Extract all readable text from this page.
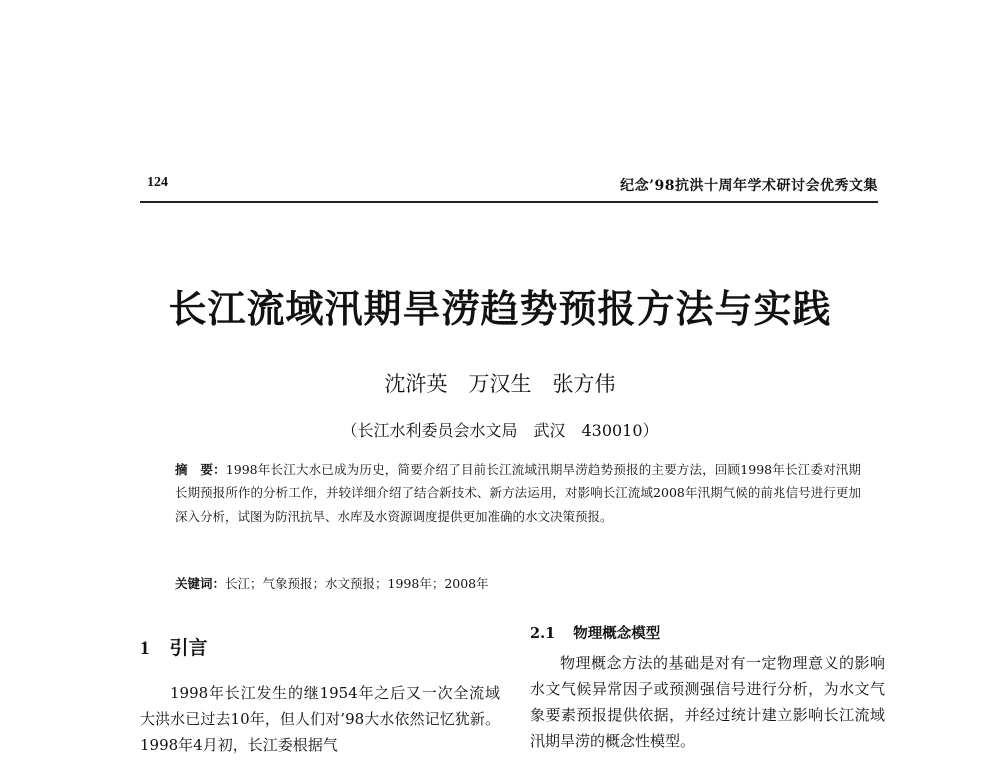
124	纪念’98抗洪十周年学术研讨会优秀文集
长江流域汛期旱涝趋势预报方法与实践
沈浒英　万汉生　张方伟
（长江水利委员会水文局　武汉　430010）
摘　要：1998年长江大水已成为历史，简要介绍了目前长江流域汛期旱涝趋势预报的主要方法，回顾1998年长江委对汛期长期预报所作的分析工作，并较详细介绍了结合新技术、新方法运用，对影响长江流域2008年汛期气候的前兆信号进行更加深入分析，试图为防汛抗旱、水库及水资源调度提供更加准确的水文决策预报。
关键词：长江；气象预报；水文预报；1998年；2008年
1 引言
1998年长江发生的继1954年之后又一次全流域大洪水已过去10年，但人们对’98大水依然记忆犹新。1998年4月初，长江委根据气
2.1 物理概念模型
物理概念方法的基础是对有一定物理意义的影响水文气候异常因子或预测强信号进行分析，为水文气象要素预报提供依据，并经过统计建立影响长江流域汛期旱涝的概念性模型。
